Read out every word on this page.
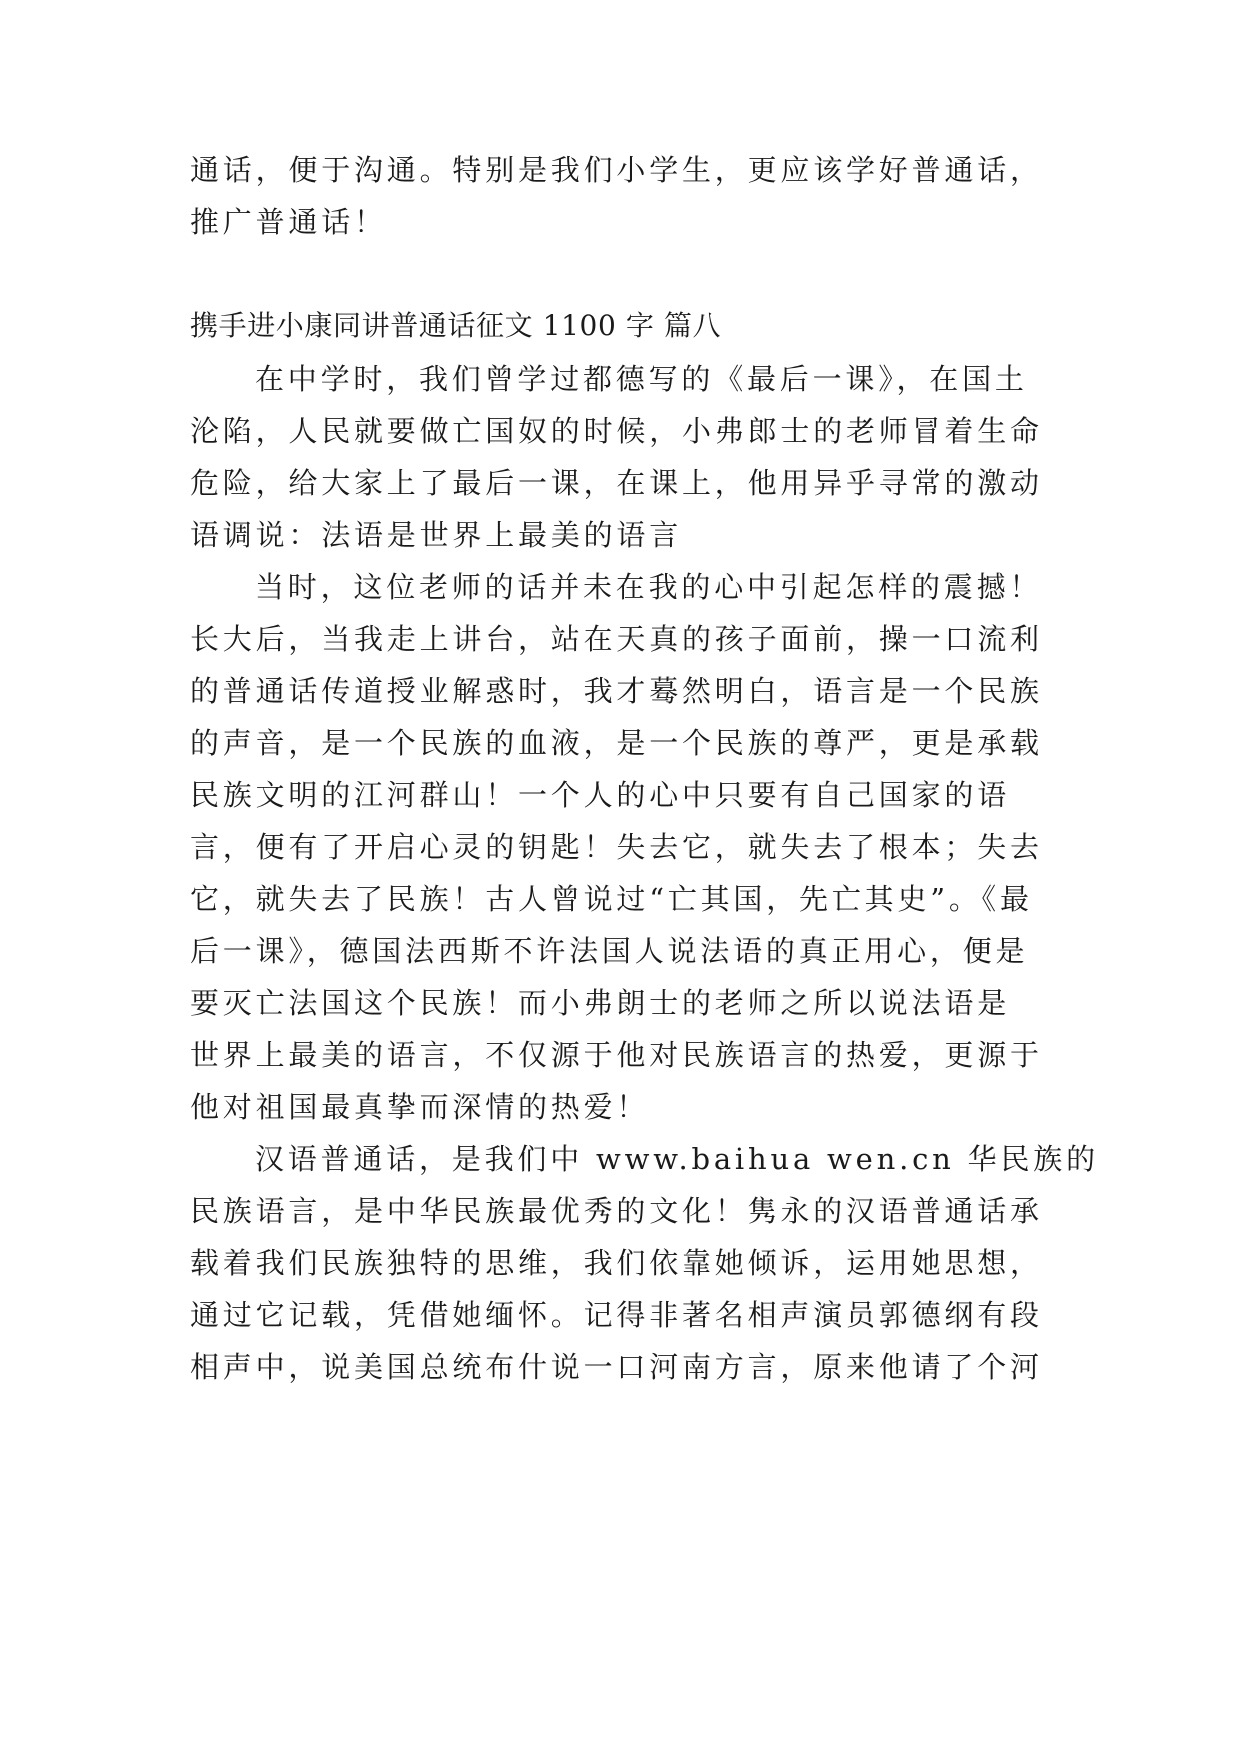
通话，便于沟通。特别是我们小学生，更应该学好普通话，
推广普通话！
携手进小康同讲普通话征文 1100 字 篇八
在中学时，我们曾学过都德写的《最后一课》，在国土
沦陷，人民就要做亡国奴的时候，小弗郎士的老师冒着生命
危险，给大家上了最后一课，在课上，他用异乎寻常的激动
语调说：法语是世界上最美的语言
当时，这位老师的话并未在我的心中引起怎样的震撼！
长大后，当我走上讲台，站在天真的孩子面前，操一口流利
的普通话传道授业解惑时，我才蓦然明白，语言是一个民族
的声音，是一个民族的血液，是一个民族的尊严，更是承载
民族文明的江河群山！一个人的心中只要有自己国家的语
言，便有了开启心灵的钥匙！失去它，就失去了根本；失去
它，就失去了民族！古人曾说过“亡其国，先亡其史”。《最
后一课》，德国法西斯不许法国人说法语的真正用心，便是
要灭亡法国这个民族！而小弗朗士的老师之所以说法语是
世界上最美的语言，不仅源于他对民族语言的热爱，更源于
他对祖国最真挚而深情的热爱！
汉语普通话，是我们中 www.baihua wen.cn 华民族的
民族语言，是中华民族最优秀的文化！隽永的汉语普通话承
载着我们民族独特的思维，我们依靠她倾诉，运用她思想，
通过它记载，凭借她缅怀。记得非著名相声演员郭德纲有段
相声中，说美国总统布什说一口河南方言，原来他请了个河
